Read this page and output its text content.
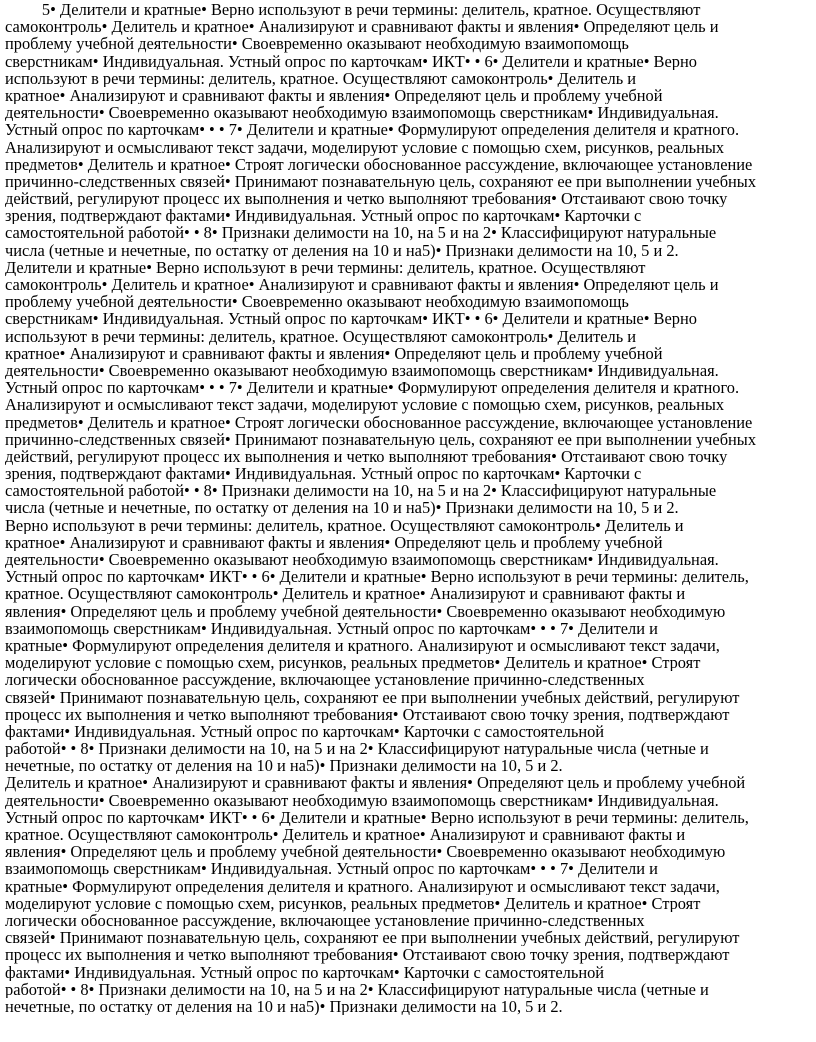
5• Делители и кратные• Верно используют в речи термины: делитель, кратное. Осуществляют
самоконтроль• Делитель и кратное• Анализируют и сравнивают факты и явления• Определяют цель и
проблему учебной деятельности• Своевременно оказывают необходимую взаимопомощь
сверстникам• Индивидуальная. Устный опрос по карточкам• ИКТ• • 6• Делители и кратные• Верно
используют в речи термины: делитель, кратное. Осуществляют самоконтроль• Делитель и
кратное• Анализируют и сравнивают факты и явления• Определяют цель и проблему учебной
деятельности• Своевременно оказывают необходимую взаимопомощь сверстникам• Индивидуальная.
Устный опрос по карточкам• • • 7• Делители и кратные• Формулируют определения делителя и кратного.
Анализируют и осмысливают текст задачи, моделируют условие с помощью схем, рисунков, реальных
предметов• Делитель и кратное• Строят логически обоснованное рассуждение, включающее установление
причинно-следственных связей• Принимают познавательную цель, сохраняют ее при выполнении учебных
действий, регулируют процесс их выполнения и четко выполняют требования• Отстаивают свою точку
зрения, подтверждают фактами• Индивидуальная. Устный опрос по карточкам• Карточки с
самостоятельной работой• • 8• Признаки делимости на 10, на 5 и на 2• Классифицируют натуральные
числа (четные и нечетные, по остатку от деления на 10 и на5)• Признаки делимости на 10, 5 и 2.
Делители и кратные• Верно используют в речи термины: делитель, кратное. Осуществляют
самоконтроль• Делитель и кратное• Анализируют и сравнивают факты и явления• Определяют цель и
проблему учебной деятельности• Своевременно оказывают необходимую взаимопомощь
сверстникам• Индивидуальная. Устный опрос по карточкам• ИКТ• • 6• Делители и кратные• Верно
используют в речи термины: делитель, кратное. Осуществляют самоконтроль• Делитель и
кратное• Анализируют и сравнивают факты и явления• Определяют цель и проблему учебной
деятельности• Своевременно оказывают необходимую взаимопомощь сверстникам• Индивидуальная.
Устный опрос по карточкам• • • 7• Делители и кратные• Формулируют определения делителя и кратного.
Анализируют и осмысливают текст задачи, моделируют условие с помощью схем, рисунков, реальных
предметов• Делитель и кратное• Строят логически обоснованное рассуждение, включающее установление
причинно-следственных связей• Принимают познавательную цель, сохраняют ее при выполнении учебных
действий, регулируют процесс их выполнения и четко выполняют требования• Отстаивают свою точку
зрения, подтверждают фактами• Индивидуальная. Устный опрос по карточкам• Карточки с
самостоятельной работой• • 8• Признаки делимости на 10, на 5 и на 2• Классифицируют натуральные
числа (четные и нечетные, по остатку от деления на 10 и на5)• Признаки делимости на 10, 5 и 2.
Верно используют в речи термины: делитель, кратное. Осуществляют самоконтроль• Делитель и
кратное• Анализируют и сравнивают факты и явления• Определяют цель и проблему учебной
деятельности• Своевременно оказывают необходимую взаимопомощь сверстникам• Индивидуальная.
Устный опрос по карточкам• ИКТ• • 6• Делители и кратные• Верно используют в речи термины: делитель,
кратное. Осуществляют самоконтроль• Делитель и кратное• Анализируют и сравнивают факты и
явления• Определяют цель и проблему учебной деятельности• Своевременно оказывают необходимую
взаимопомощь сверстникам• Индивидуальная. Устный опрос по карточкам• • • 7• Делители и
кратные• Формулируют определения делителя и кратного. Анализируют и осмысливают текст задачи,
моделируют условие с помощью схем, рисунков, реальных предметов• Делитель и кратное• Строят
логически обоснованное рассуждение, включающее установление причинно-следственных
связей• Принимают познавательную цель, сохраняют ее при выполнении учебных действий, регулируют
процесс их выполнения и четко выполняют требования• Отстаивают свою точку зрения, подтверждают
фактами• Индивидуальная. Устный опрос по карточкам• Карточки с самостоятельной
работой• • 8• Признаки делимости на 10, на 5 и на 2• Классифицируют натуральные числа (четные и
нечетные, по остатку от деления на 10 и на5)• Признаки делимости на 10, 5 и 2.
Делитель и кратное• Анализируют и сравнивают факты и явления• Определяют цель и проблему учебной
деятельности• Своевременно оказывают необходимую взаимопомощь сверстникам• Индивидуальная.
Устный опрос по карточкам• ИКТ• • 6• Делители и кратные• Верно используют в речи термины: делитель,
кратное. Осуществляют самоконтроль• Делитель и кратное• Анализируют и сравнивают факты и
явления• Определяют цель и проблему учебной деятельности• Своевременно оказывают необходимую
взаимопомощь сверстникам• Индивидуальная. Устный опрос по карточкам• • • 7• Делители и
кратные• Формулируют определения делителя и кратного. Анализируют и осмысливают текст задачи,
моделируют условие с помощью схем, рисунков, реальных предметов• Делитель и кратное• Строят
логически обоснованное рассуждение, включающее установление причинно-следственных
связей• Принимают познавательную цель, сохраняют ее при выполнении учебных действий, регулируют
процесс их выполнения и четко выполняют требования• Отстаивают свою точку зрения, подтверждают
фактами• Индивидуальная. Устный опрос по карточкам• Карточки с самостоятельной
работой• • 8• Признаки делимости на 10, на 5 и на 2• Классифицируют натуральные числа (четные и
нечетные, по остатку от деления на 10 и на5)• Признаки делимости на 10, 5 и 2.
